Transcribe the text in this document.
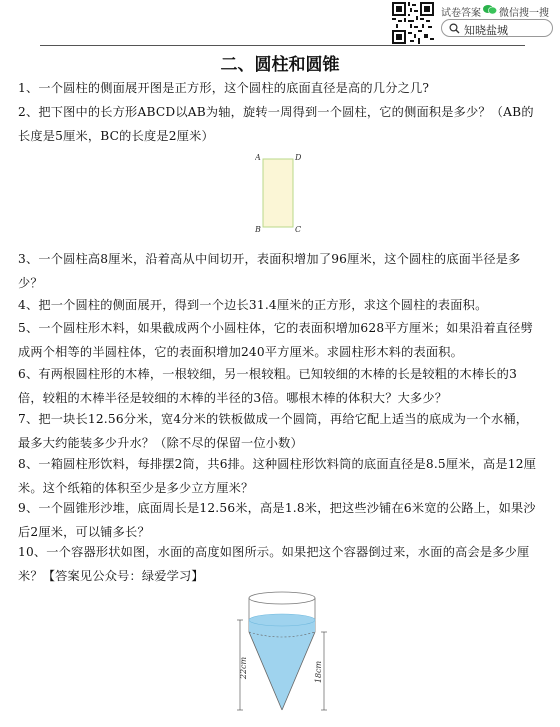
试卷答案 微信搜一搜
知晓盐城
二、圆柱和圆锥
1、一个圆柱的侧面展开图是正方形，这个圆柱的底面直径是高的几分之几?
2、把下图中的长方形ABCD以AB为轴，旋转一周得到一个圆柱，它的侧面积是多少？（AB的长度是5厘米，BC的长度是2厘米）
A	D
B	C
3、一个圆柱高8厘米，沿着高从中间切开，表面积增加了96厘米，这个圆柱的底面半径是多少？
4、把一个圆柱的侧面展开，得到一个边长31.4厘米的正方形，求这个圆柱的表面积。
5、一个圆柱形木料，如果截成两个小圆柱体，它的表面积增加628平方厘米；如果沿着直径劈成两个相等的半圆柱体，它的表面积增加240平方厘米。求圆柱形木料的表面积。
6、有两根圆柱形的木棒，一根较细，另一根较粗。已知较细的木棒的长是较粗的木棒长的3倍，较粗的木棒半径是较细的木棒的半径的3倍。哪根木棒的体积大？大多少？
7、把一块长12.56分米，宽4分米的铁板做成一个圆筒，再给它配上适当的底成为一个水桶，最多大约能装多少升水？（除不尽的保留一位小数）
8、一箱圆柱形饮料，每排摆2筒，共6排。这种圆柱形饮料筒的底面直径是8.5厘米，高是12厘米。这个纸箱的体积至少是多少立方厘米？
9、一个圆锥形沙堆，底面周长是12.56米，高是1.8米，把这些沙铺在6米宽的公路上，如果沙后2厘米，可以铺多长？
10、一个容器形状如图，水面的高度如图所示。如果把这个容器倒过来，水面的高会是多少厘米？【答案见公众号：绿爱学习】
22cm	18cm
